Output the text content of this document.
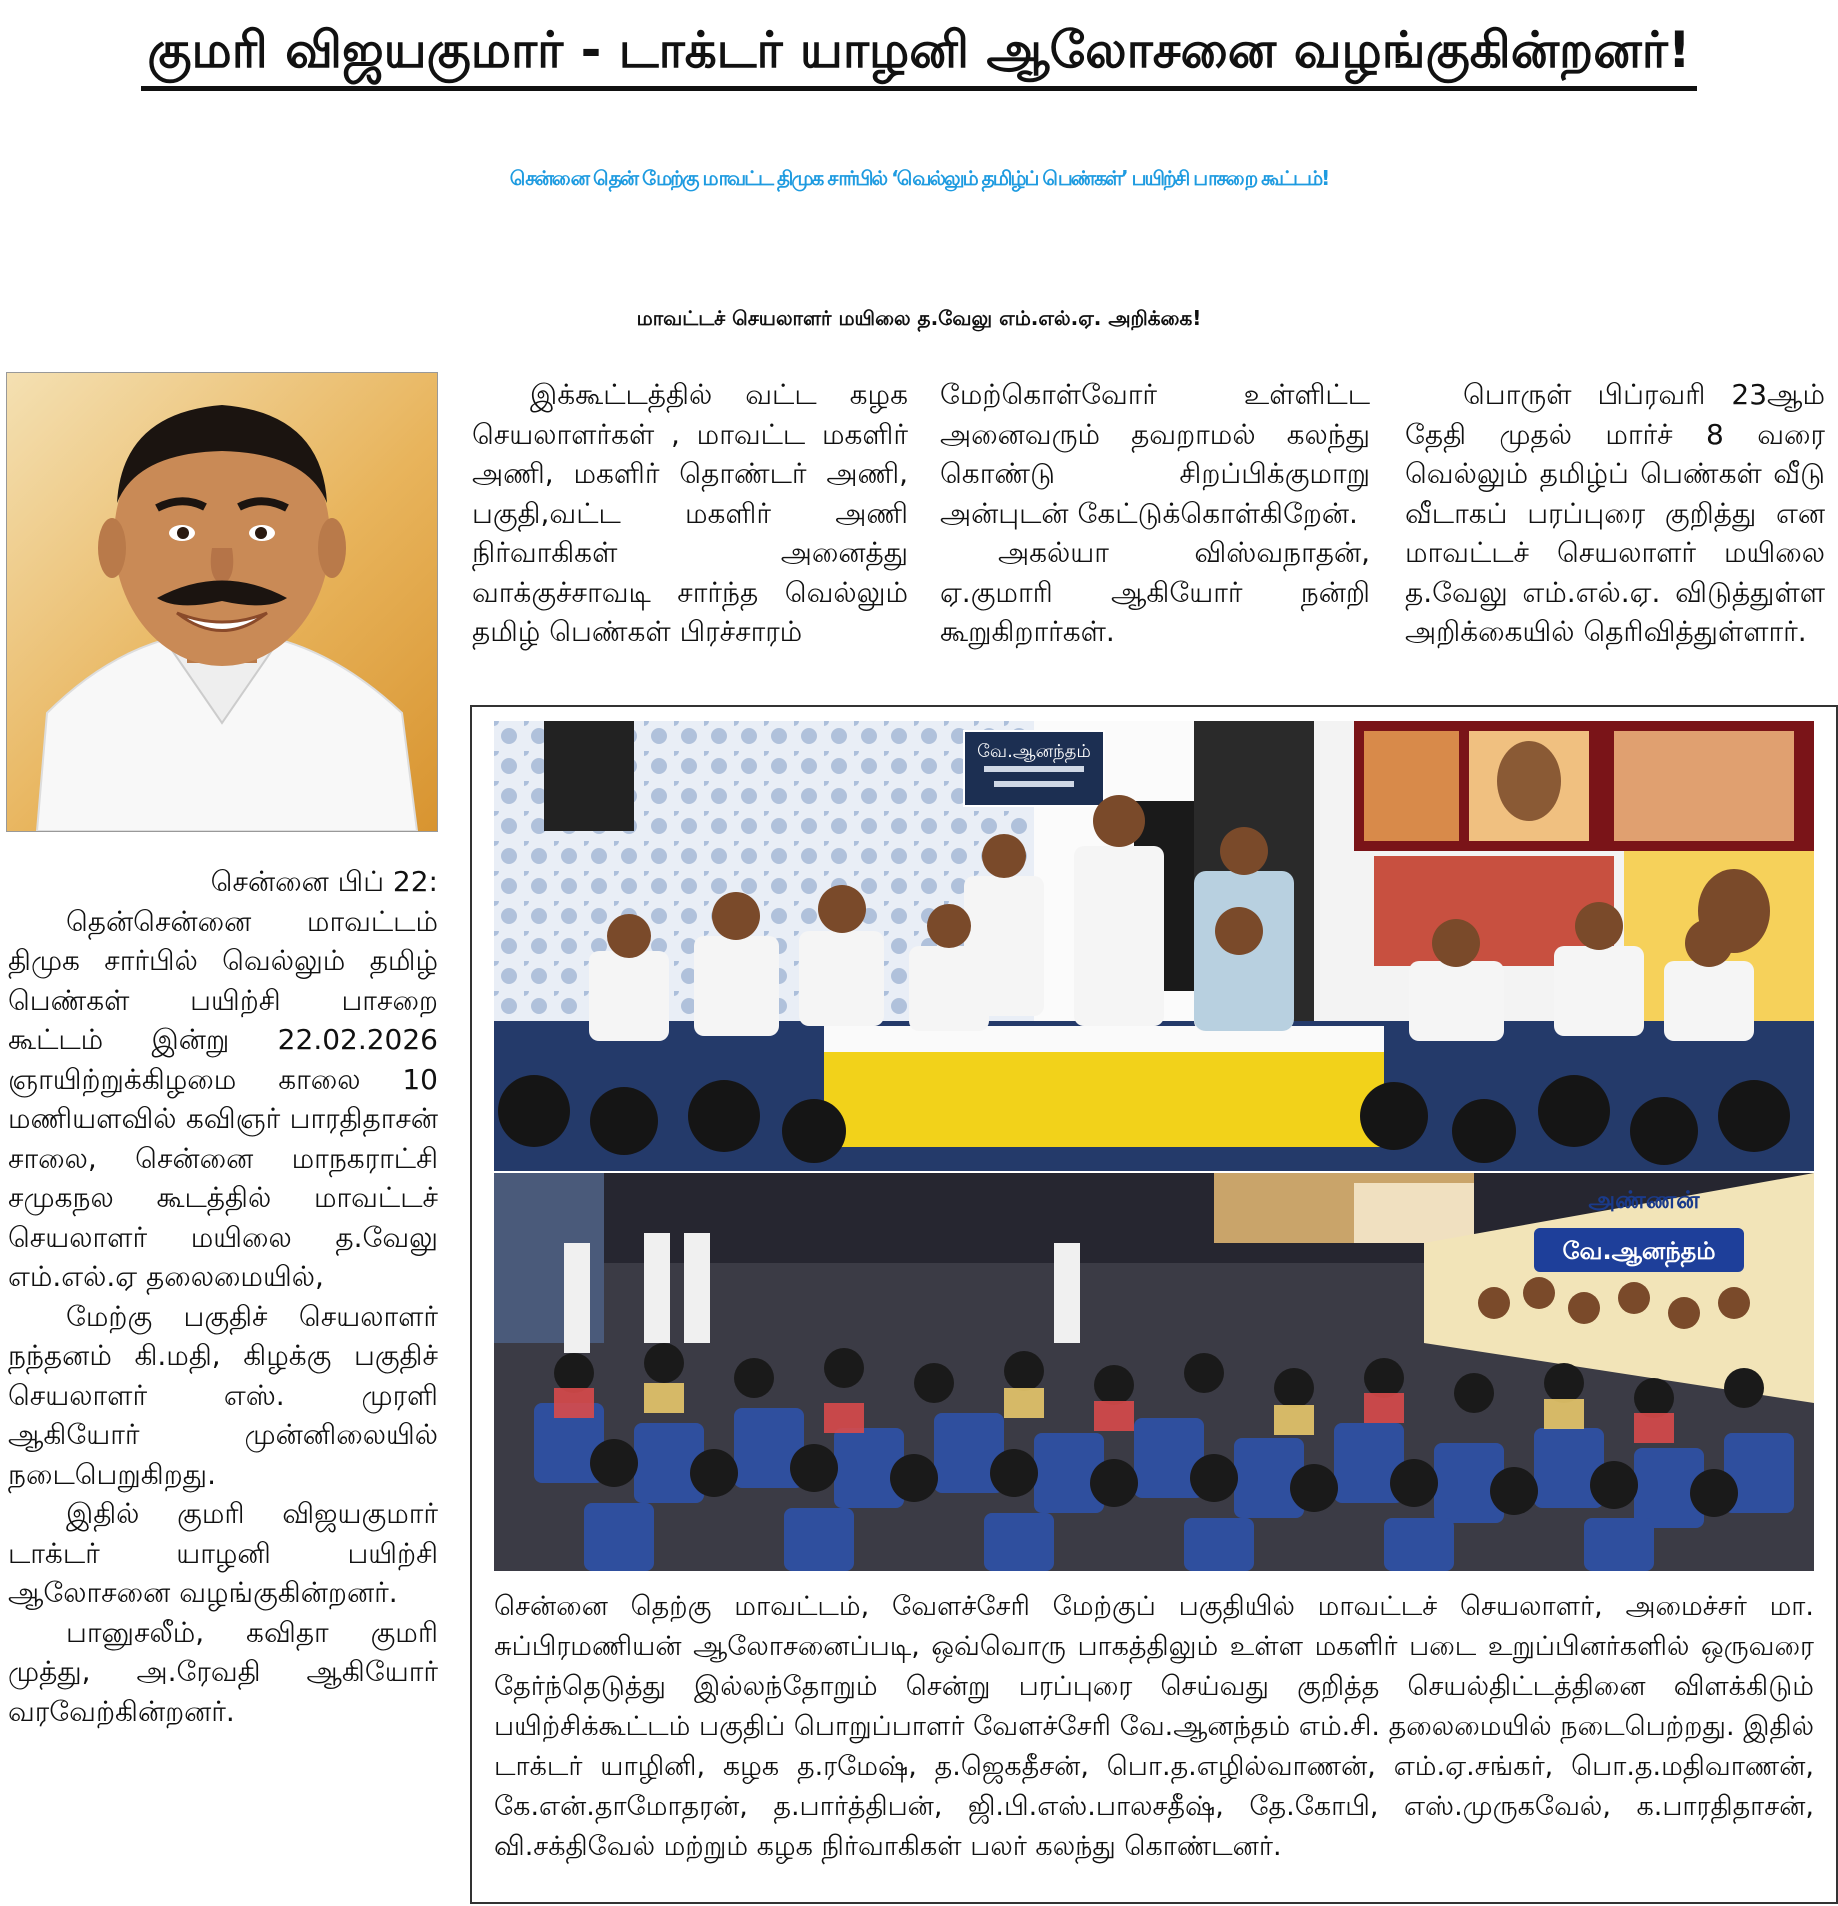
குமரி விஜயகுமார் - டாக்டர் யாழனி ஆலோசனை வழங்குகின்றனர்!
சென்னை தென் மேற்கு மாவட்ட திமுக சார்பில் ‘வெல்லும் தமிழ்ப் பெண்கள்’ பயிற்சி பாசறை கூட்டம்!
மாவட்டச் செயலாளர் மயிலை த.வேலு எம்.எல்.ஏ. அறிக்கை!

இக்கூட்டத்தில் வட்ட கழக செயலாளர்கள் , மாவட்ட மகளிர் அணி, மகளிர் தொண்டர் அணி, பகுதி,வட்ட மகளிர் அணி நிர்வாகிகள் அனைத்து வாக்குச்சாவடி சார்ந்த வெல்லும் தமிழ் பெண்கள் பிரச்சாரம்

மேற்கொள்வோர் உள்ளிட்ட அனைவரும் தவறாமல் கலந்து கொண்டு சிறப்பிக்குமாறு அன்புடன் கேட்டுக்கொள்கிறேன்.

அகல்யா விஸ்வநாதன், ஏ.குமாரி ஆகியோர் நன்றி கூறுகிறார்கள்.

பொருள் பிப்ரவரி 23ஆம் தேதி முதல் மார்ச் 8 வரை வெல்லும் தமிழ்ப் பெண்கள் வீடு வீடாகப் பரப்புரை குறித்து என மாவட்டச் செயலாளர் மயிலை த.வேலு எம்.எல்.ஏ. விடுத்துள்ள அறிக்கையில் தெரிவித்துள்ளார்.

சென்னை பிப் 22:

தென்சென்னை மாவட்டம் திமுக சார்பில் வெல்லும் தமிழ் பெண்கள் பயிற்சி பாசறை கூட்டம் இன்று 22.02.2026 ஞாயிற்றுக்கிழமை காலை 10 மணியளவில் கவிஞர் பாரதிதாசன் சாலை, சென்னை மாநகராட்சி சமுகநல கூடத்தில் மாவட்டச் செயலாளர் மயிலை த.வேலு எம்.எல்.ஏ தலைமையில்,

மேற்கு பகுதிச் செயலாளர் நந்தனம் கி.மதி, கிழக்கு பகுதிச் செயலாளர் எஸ். முரளி ஆகியோர் முன்னிலையில் நடைபெறுகிறது.

இதில் குமரி விஜயகுமார் டாக்டர் யாழனி பயிற்சி ஆலோசனை வழங்குகின்றனர்.

பானுசலீம், கவிதா குமரி முத்து, அ.ரேவதி ஆகியோர் வரவேற்கின்றனர்.

வே.ஆனந்தம்
அண்ணன்
வே.ஆனந்தம்
சென்னை தெற்கு மாவட்டம், வேளச்சேரி மேற்குப் பகுதியில் மாவட்டச் செயலாளர், அமைச்சர் மா. சுப்பிரமணியன் ஆலோசனைப்படி, ஒவ்வொரு பாகத்திலும் உள்ள மகளிர் படை உறுப்பினர்களில் ஒருவரை தேர்ந்தெடுத்து இல்லந்தோறும் சென்று பரப்புரை செய்வது குறித்த செயல்திட்டத்தினை விளக்கிடும் பயிற்சிக்கூட்டம் பகுதிப் பொறுப்பாளர் வேளச்சேரி வே.ஆனந்தம் எம்.சி. தலைமையில் நடைபெற்றது. இதில் டாக்டர் யாழினி, கழக த.ரமேஷ், த.ஜெகதீசன், பொ.த.எழில்வாணன், எம்.ஏ.சங்கர், பொ.த.மதிவாணன், கே.என்.தாமோதரன், த.பார்த்திபன், ஜி.பி.எஸ்.பாலசதீஷ், தே.கோபி, எஸ்.முருகவேல், க.பாரதிதாசன், வி.சக்திவேல் மற்றும் கழக நிர்வாகிகள் பலர் கலந்து கொண்டனர்.
